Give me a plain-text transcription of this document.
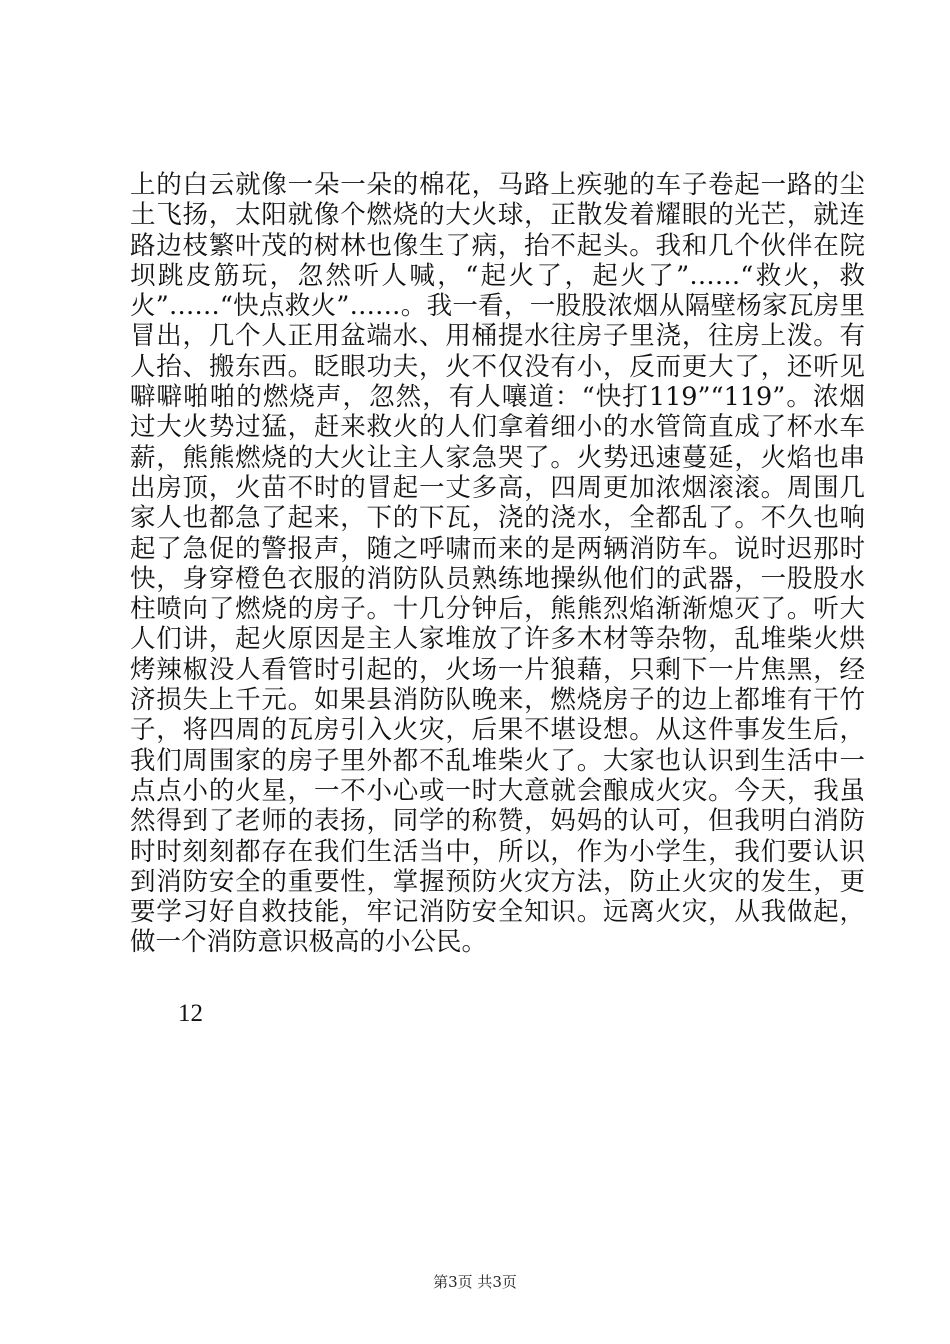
上的白云就像一朵一朵的棉花，马路上疾驰的车子卷起一路的尘土飞扬，太阳就像个燃烧的大火球，正散发着耀眼的光芒，就连路边枝繁叶茂的树林也像生了病，抬不起头。我和几个伙伴在院坝跳皮筋玩，忽然听人喊，“起火了，起火了”……“救火，救火”……“快点救火”……。我一看，一股股浓烟从隔壁杨家瓦房里冒出，几个人正用盆端水、用桶提水往房子里浇，往房上泼。有人抬、搬东西。眨眼功夫，火不仅没有小，反而更大了，还听见噼噼啪啪的燃烧声，忽然，有人嚷道：“快打119”“119”。浓烟过大火势过猛，赶来救火的人们拿着细小的水管筒直成了杯水车薪，熊熊燃烧的大火让主人家急哭了。火势迅速蔓延，火焰也串出房顶，火苗不时的冒起一丈多高，四周更加浓烟滚滚。周围几家人也都急了起来，下的下瓦，浇的浇水，全都乱了。不久也响起了急促的警报声，随之呼啸而来的是两辆消防车。说时迟那时快，身穿橙色衣服的消防队员熟练地操纵他们的武器，一股股水柱喷向了燃烧的房子。十几分钟后，熊熊烈焰渐渐熄灭了。听大人们讲，起火原因是主人家堆放了许多木材等杂物，乱堆柴火烘烤辣椒没人看管时引起的，火场一片狼藉，只剩下一片焦黑，经济损失上千元。如果县消防队晚来，燃烧房子的边上都堆有干竹子，将四周的瓦房引入火灾，后果不堪设想。从这件事发生后，我们周围家的房子里外都不乱堆柴火了。大家也认识到生活中一点点小的火星，一不小心或一时大意就会酿成火灾。今天，我虽然得到了老师的表扬，同学的称赞，妈妈的认可，但我明白消防时时刻刻都存在我们生活当中，所以，作为小学生，我们要认识到消防安全的重要性，掌握预防火灾方法，防止火灾的发生，更要学习好自救技能，牢记消防安全知识。远离火灾，从我做起，做一个消防意识极高的小公民。

12
第3页 共3页
